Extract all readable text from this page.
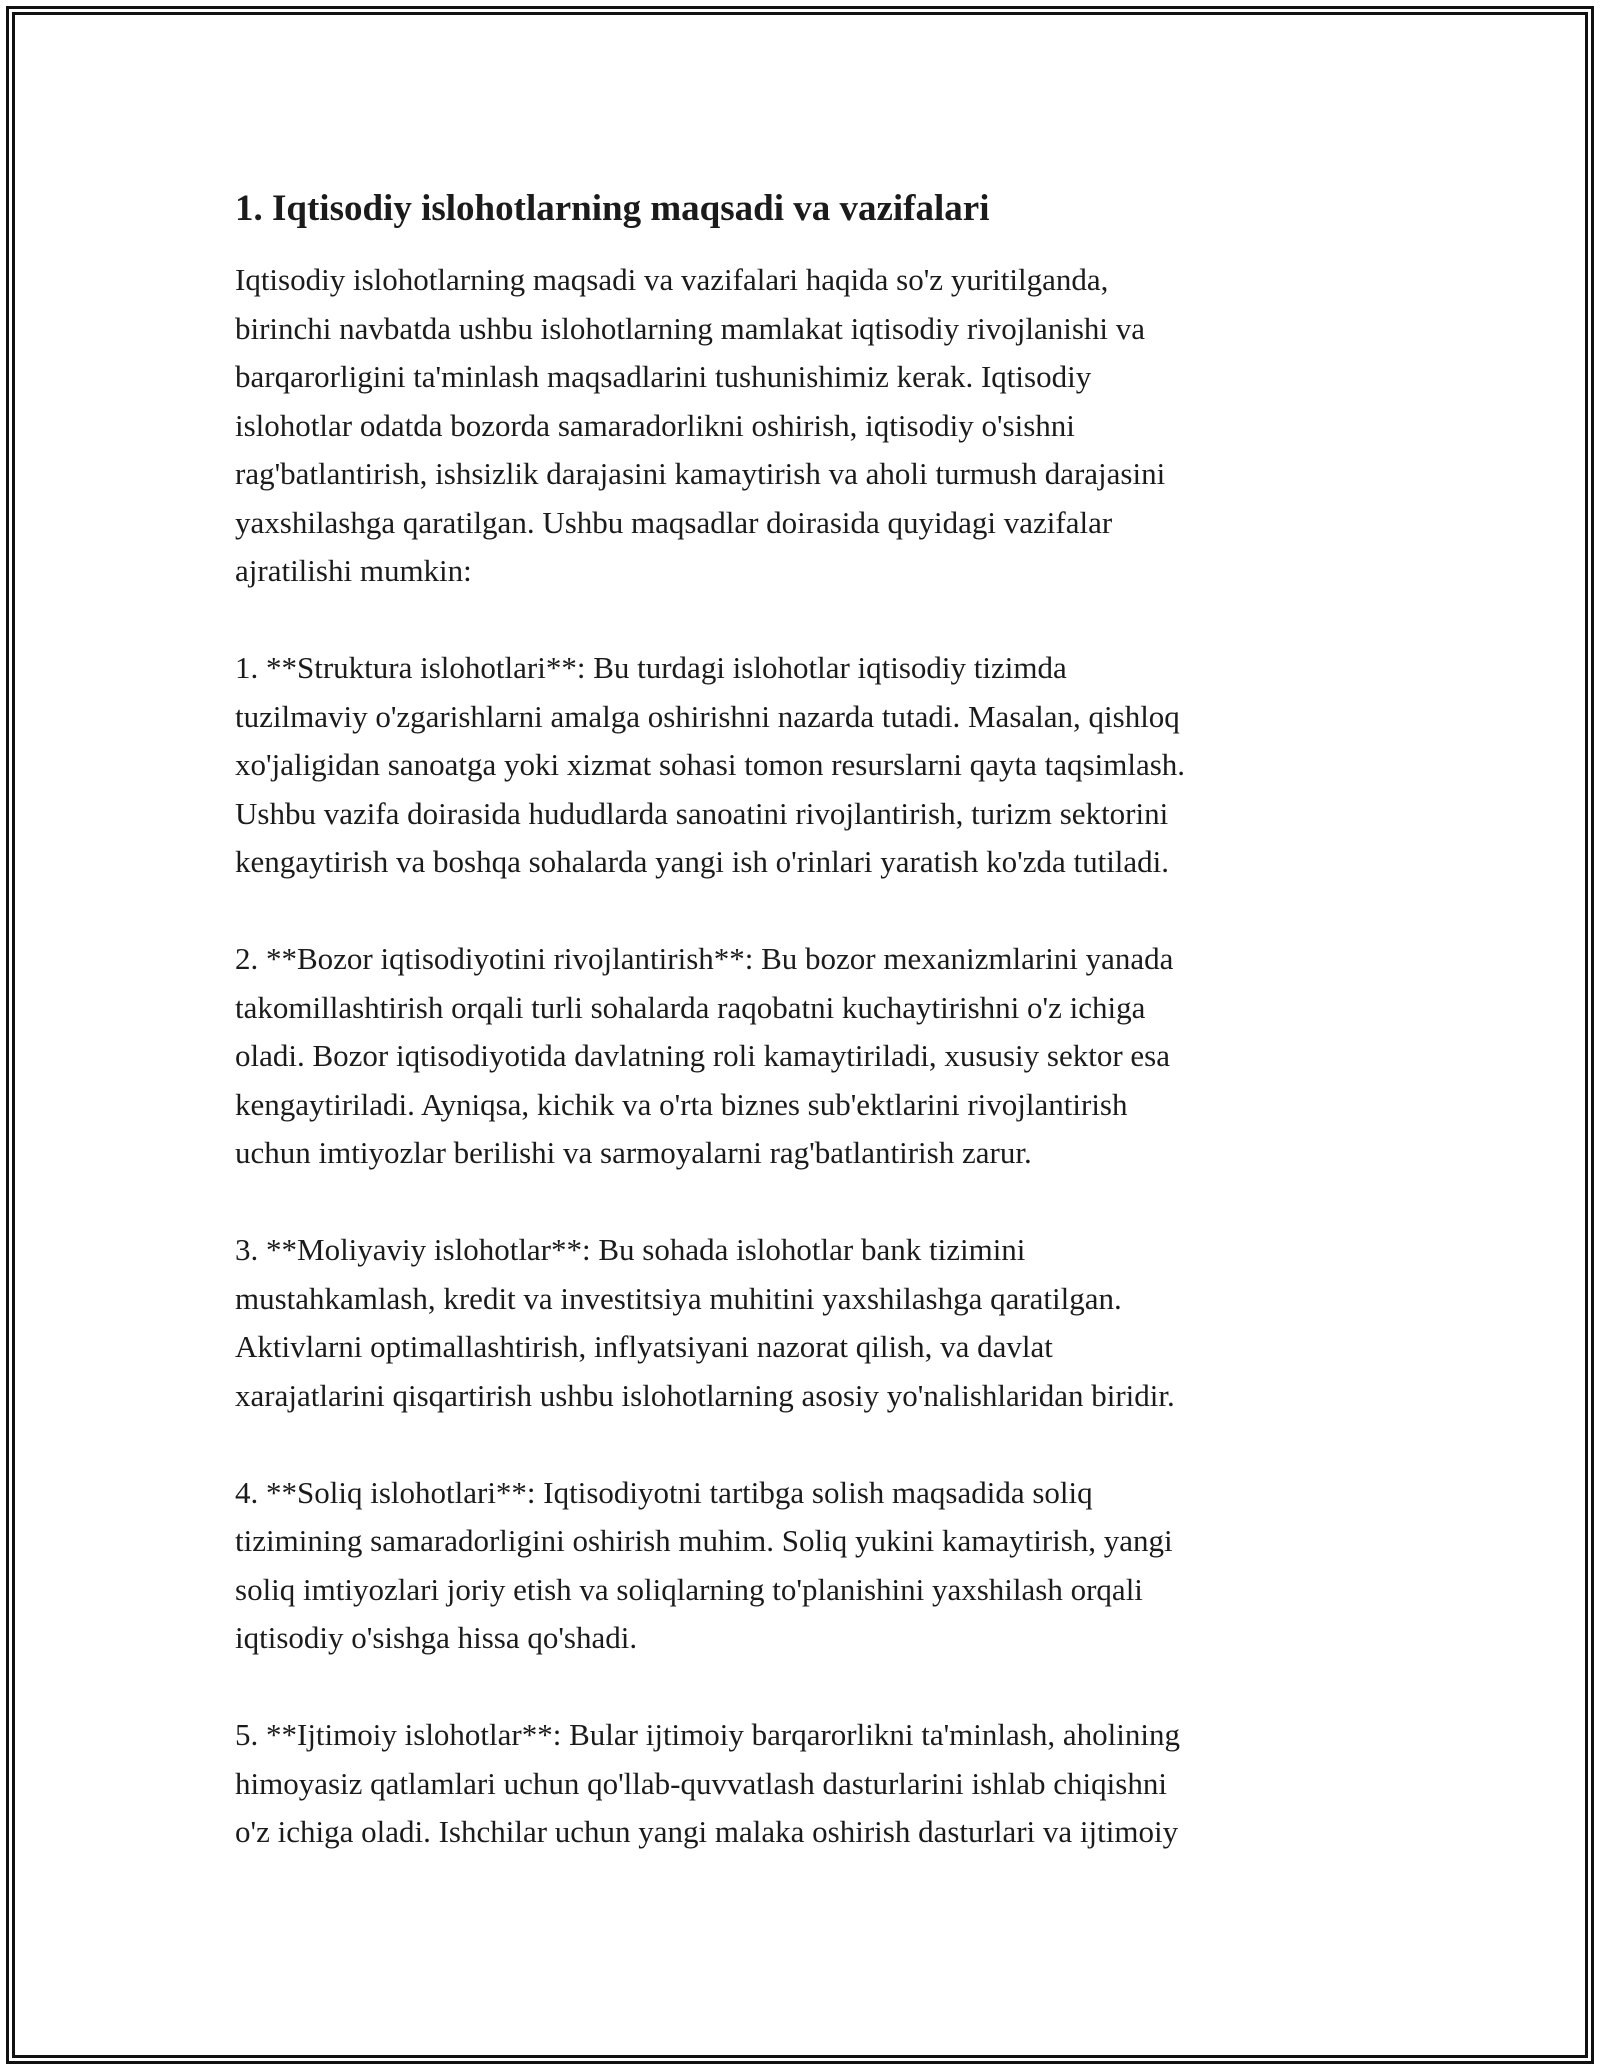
1. Iqtisodiy islohotlarning maqsadi va vazifalari

Iqtisodiy islohotlarning maqsadi va vazifalari haqida so'z yuritilganda,
birinchi navbatda ushbu islohotlarning mamlakat iqtisodiy rivojlanishi va
barqarorligini ta'minlash maqsadlarini tushunishimiz kerak. Iqtisodiy
islohotlar odatda bozorda samaradorlikni oshirish, iqtisodiy o'sishni
rag'batlantirish, ishsizlik darajasini kamaytirish va aholi turmush darajasini
yaxshilashga qaratilgan. Ushbu maqsadlar doirasida quyidagi vazifalar
ajratilishi mumkin:

1. **Struktura islohotlari**: Bu turdagi islohotlar iqtisodiy tizimda
tuzilmaviy o'zgarishlarni amalga oshirishni nazarda tutadi. Masalan, qishloq
xo'jaligidan sanoatga yoki xizmat sohasi tomon resurslarni qayta taqsimlash.
Ushbu vazifa doirasida hududlarda sanoatini rivojlantirish, turizm sektorini
kengaytirish va boshqa sohalarda yangi ish o'rinlari yaratish ko'zda tutiladi.

2. **Bozor iqtisodiyotini rivojlantirish**: Bu bozor mexanizmlarini yanada
takomillashtirish orqali turli sohalarda raqobatni kuchaytirishni o'z ichiga
oladi. Bozor iqtisodiyotida davlatning roli kamaytiriladi, xususiy sektor esa
kengaytiriladi. Ayniqsa, kichik va o'rta biznes sub'ektlarini rivojlantirish
uchun imtiyozlar berilishi va sarmoyalarni rag'batlantirish zarur.

3. **Moliyaviy islohotlar**: Bu sohada islohotlar bank tizimini
mustahkamlash, kredit va investitsiya muhitini yaxshilashga qaratilgan.
Aktivlarni optimallashtirish, inflyatsiyani nazorat qilish, va davlat
xarajatlarini qisqartirish ushbu islohotlarning asosiy yo'nalishlaridan biridir.

4. **Soliq islohotlari**: Iqtisodiyotni tartibga solish maqsadida soliq
tizimining samaradorligini oshirish muhim. Soliq yukini kamaytirish, yangi
soliq imtiyozlari joriy etish va soliqlarning to'planishini yaxshilash orqali
iqtisodiy o'sishga hissa qo'shadi.

5. **Ijtimoiy islohotlar**: Bular ijtimoiy barqarorlikni ta'minlash, aholining
himoyasiz qatlamlari uchun qo'llab-quvvatlash dasturlarini ishlab chiqishni
o'z ichiga oladi. Ishchilar uchun yangi malaka oshirish dasturlari va ijtimoiy
